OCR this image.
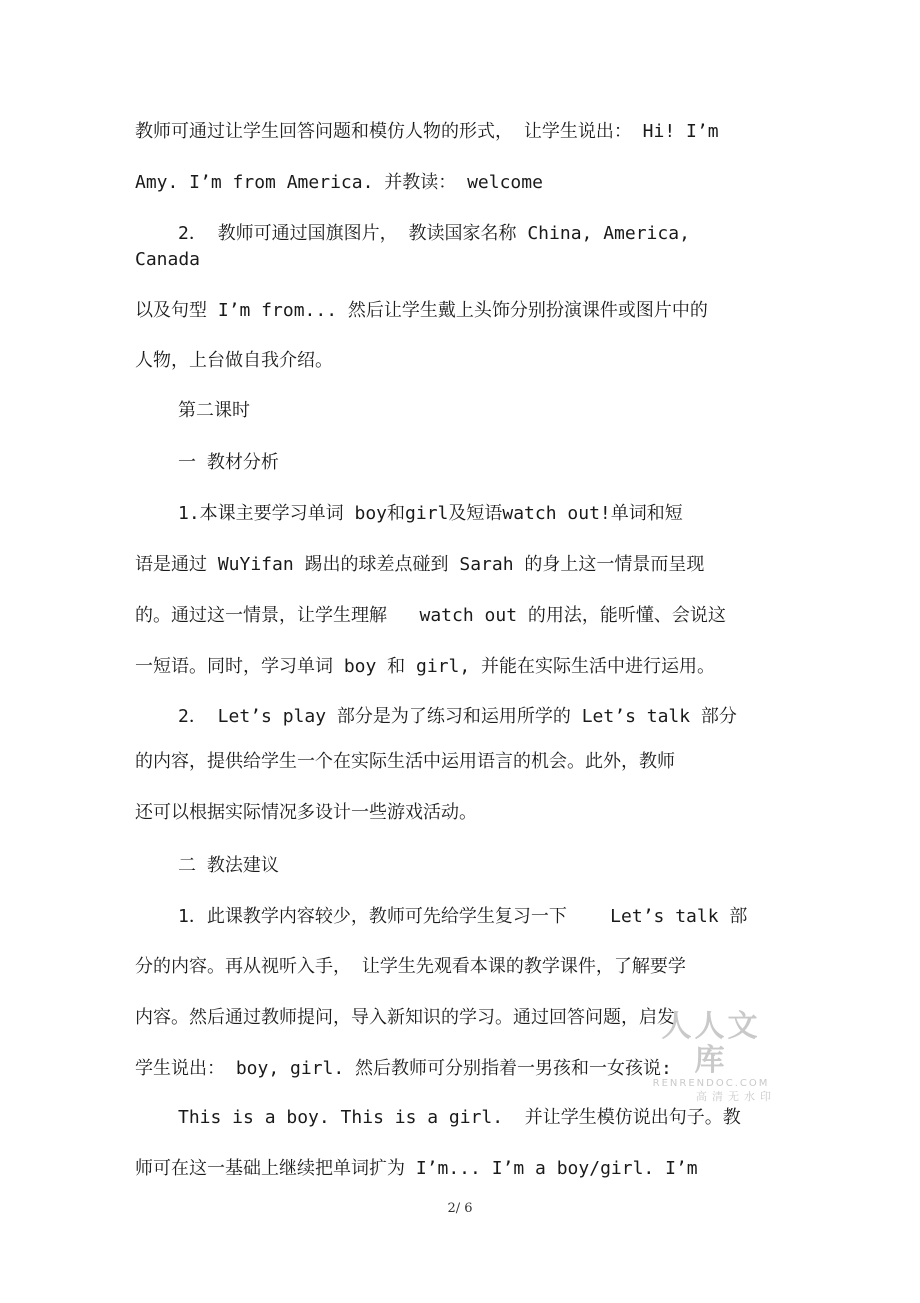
教师可通过让学生回答问题和模仿人物的形式， 让学生说出： Hi! I’m
Amy. I’m from America. 并教读： welcome
2． 教师可通过国旗图片， 教读国家名称 China, America,
Canada
以及句型 I’m from... 然后让学生戴上头饰分别扮演课件或图片中的
人物，上台做自我介绍。
第二课时
一 教材分析
1.本课主要学习单词 boy和girl及短语watch out!单词和短
语是通过 WuYifan 踢出的球差点碰到 Sarah 的身上这一情景而呈现
的。通过这一情景，让学生理解   watch out 的用法，能听懂、会说这
一短语。同时，学习单词 boy 和 girl, 并能在实际生活中进行运用。
2． Let’s play 部分是为了练习和运用所学的 Let’s talk 部分
的内容，提供给学生一个在实际生活中运用语言的机会。此外，教师
还可以根据实际情况多设计一些游戏活动。
二 教法建议
1．此课教学内容较少，教师可先给学生复习一下    Let’s talk 部
分的内容。再从视听入手， 让学生先观看本课的教学课件，了解要学
内容。然后通过教师提问，导入新知识的学习。通过回答问题，启发
学生说出： boy, girl. 然后教师可分别指着一男孩和一女孩说:
This is a boy. This is a girl.  并让学生模仿说出句子。教
师可在这一基础上继续把单词扩为 I’m... I’m a boy/girl. I’m
人人文库
RENRENDOC.COM
高清无水印
2/ 6
